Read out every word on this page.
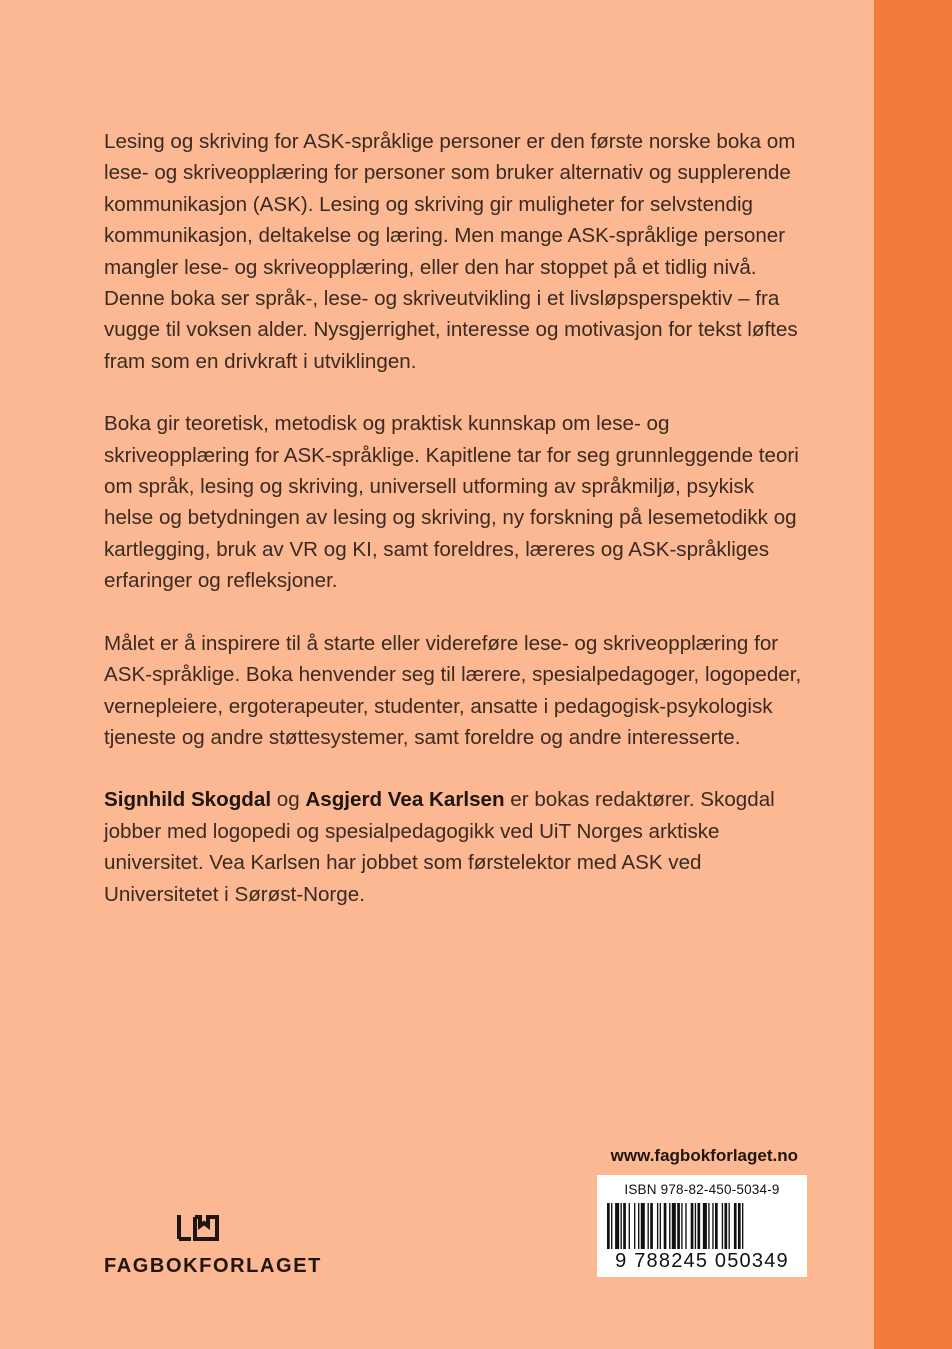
Lesing og skriving for ASK-språklige personer er den første norske boka om lese- og skriveopplæring for personer som bruker alternativ og supplerende kommunikasjon (ASK). Lesing og skriving gir muligheter for selvstendig kommunikasjon, deltakelse og læring. Men mange ASK-språklige personer mangler lese- og skriveopplæring, eller den har stoppet på et tidlig nivå. Denne boka ser språk-, lese- og skriveutvikling i et livsløpsperspektiv – fra vugge til voksen alder. Nysgjerrighet, interesse og motivasjon for tekst løftes fram som en drivkraft i utviklingen.

Boka gir teoretisk, metodisk og praktisk kunnskap om lese- og skriveopplæring for ASK-språklige. Kapitlene tar for seg grunnleggende teori om språk, lesing og skriving, universell utforming av språkmiljø, psykisk helse og betydningen av lesing og skriving, ny forskning på lesemetodikk og kartlegging, bruk av VR og KI, samt foreldres, læreres og ASK-språkliges erfaringer og refleksjoner.

Målet er å inspirere til å starte eller videreføre lese- og skriveopplæring for ASK-språklige. Boka henvender seg til lærere, spesialpedagoger, logopeder, vernepleiere, ergoterapeuter, studenter, ansatte i pedagogisk-psykologisk tjeneste og andre støttesystemer, samt foreldre og andre interesserte.

Signhild Skogdal og Asgjerd Vea Karlsen er bokas redaktører. Skogdal jobber med logopedi og spesialpedagogikk ved UiT Norges arktiske universitet. Vea Karlsen har jobbet som førstelektor med ASK ved Universitetet i Sørøst-Norge.

www.fagbokforlaget.no
ISBN 978-82-450-5034-9
9 788245 050349
FAGBOKFORLAGET
